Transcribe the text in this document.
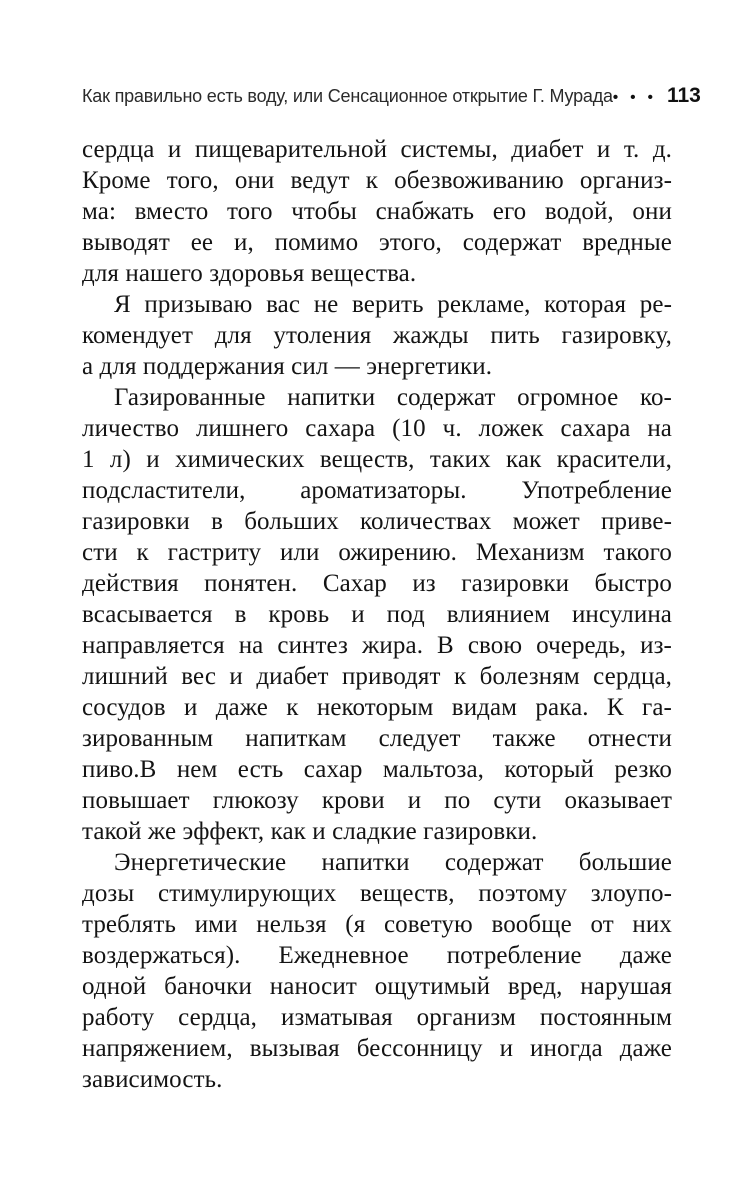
Как правильно есть воду, или Сенсационное открытие Г. Мурада • • • 113
сердца и пищеварительной системы, диабет и т. д.
Кроме того, они ведут к обезвоживанию организ-
ма: вместо того чтобы снабжать его водой, они
выводят ее и, помимо этого, содержат вредные
для нашего здоровья вещества.
Я призываю вас не верить рекламе, которая ре-
комендует для утоления жажды пить газировку,
а для поддержания сил — энергетики.
Газированные напитки содержат огромное ко-
личество лишнего сахара (10 ч. ложек сахара на
1 л) и химических веществ, таких как красители,
подсластители, ароматизаторы. Употребление
газировки в больших количествах может приве-
сти к гастриту или ожирению. Механизм такого
действия понятен. Сахар из газировки быстро
всасывается в кровь и под влиянием инсулина
направляется на синтез жира. В свою очередь, из-
лишний вес и диабет приводят к болезням сердца,
сосудов и даже к некоторым видам рака. К га-
зированным напиткам следует также отнести
пиво.В нем есть сахар мальтоза, который резко
повышает глюкозу крови и по сути оказывает
такой же эффект, как и сладкие газировки.
Энергетические напитки содержат большие
дозы стимулирующих веществ, поэтому злоупо-
треблять ими нельзя (я советую вообще от них
воздержаться). Ежедневное потребление даже
одной баночки наносит ощутимый вред, нарушая
работу сердца, изматывая организм постоянным
напряжением, вызывая бессонницу и иногда даже
зависимость.
